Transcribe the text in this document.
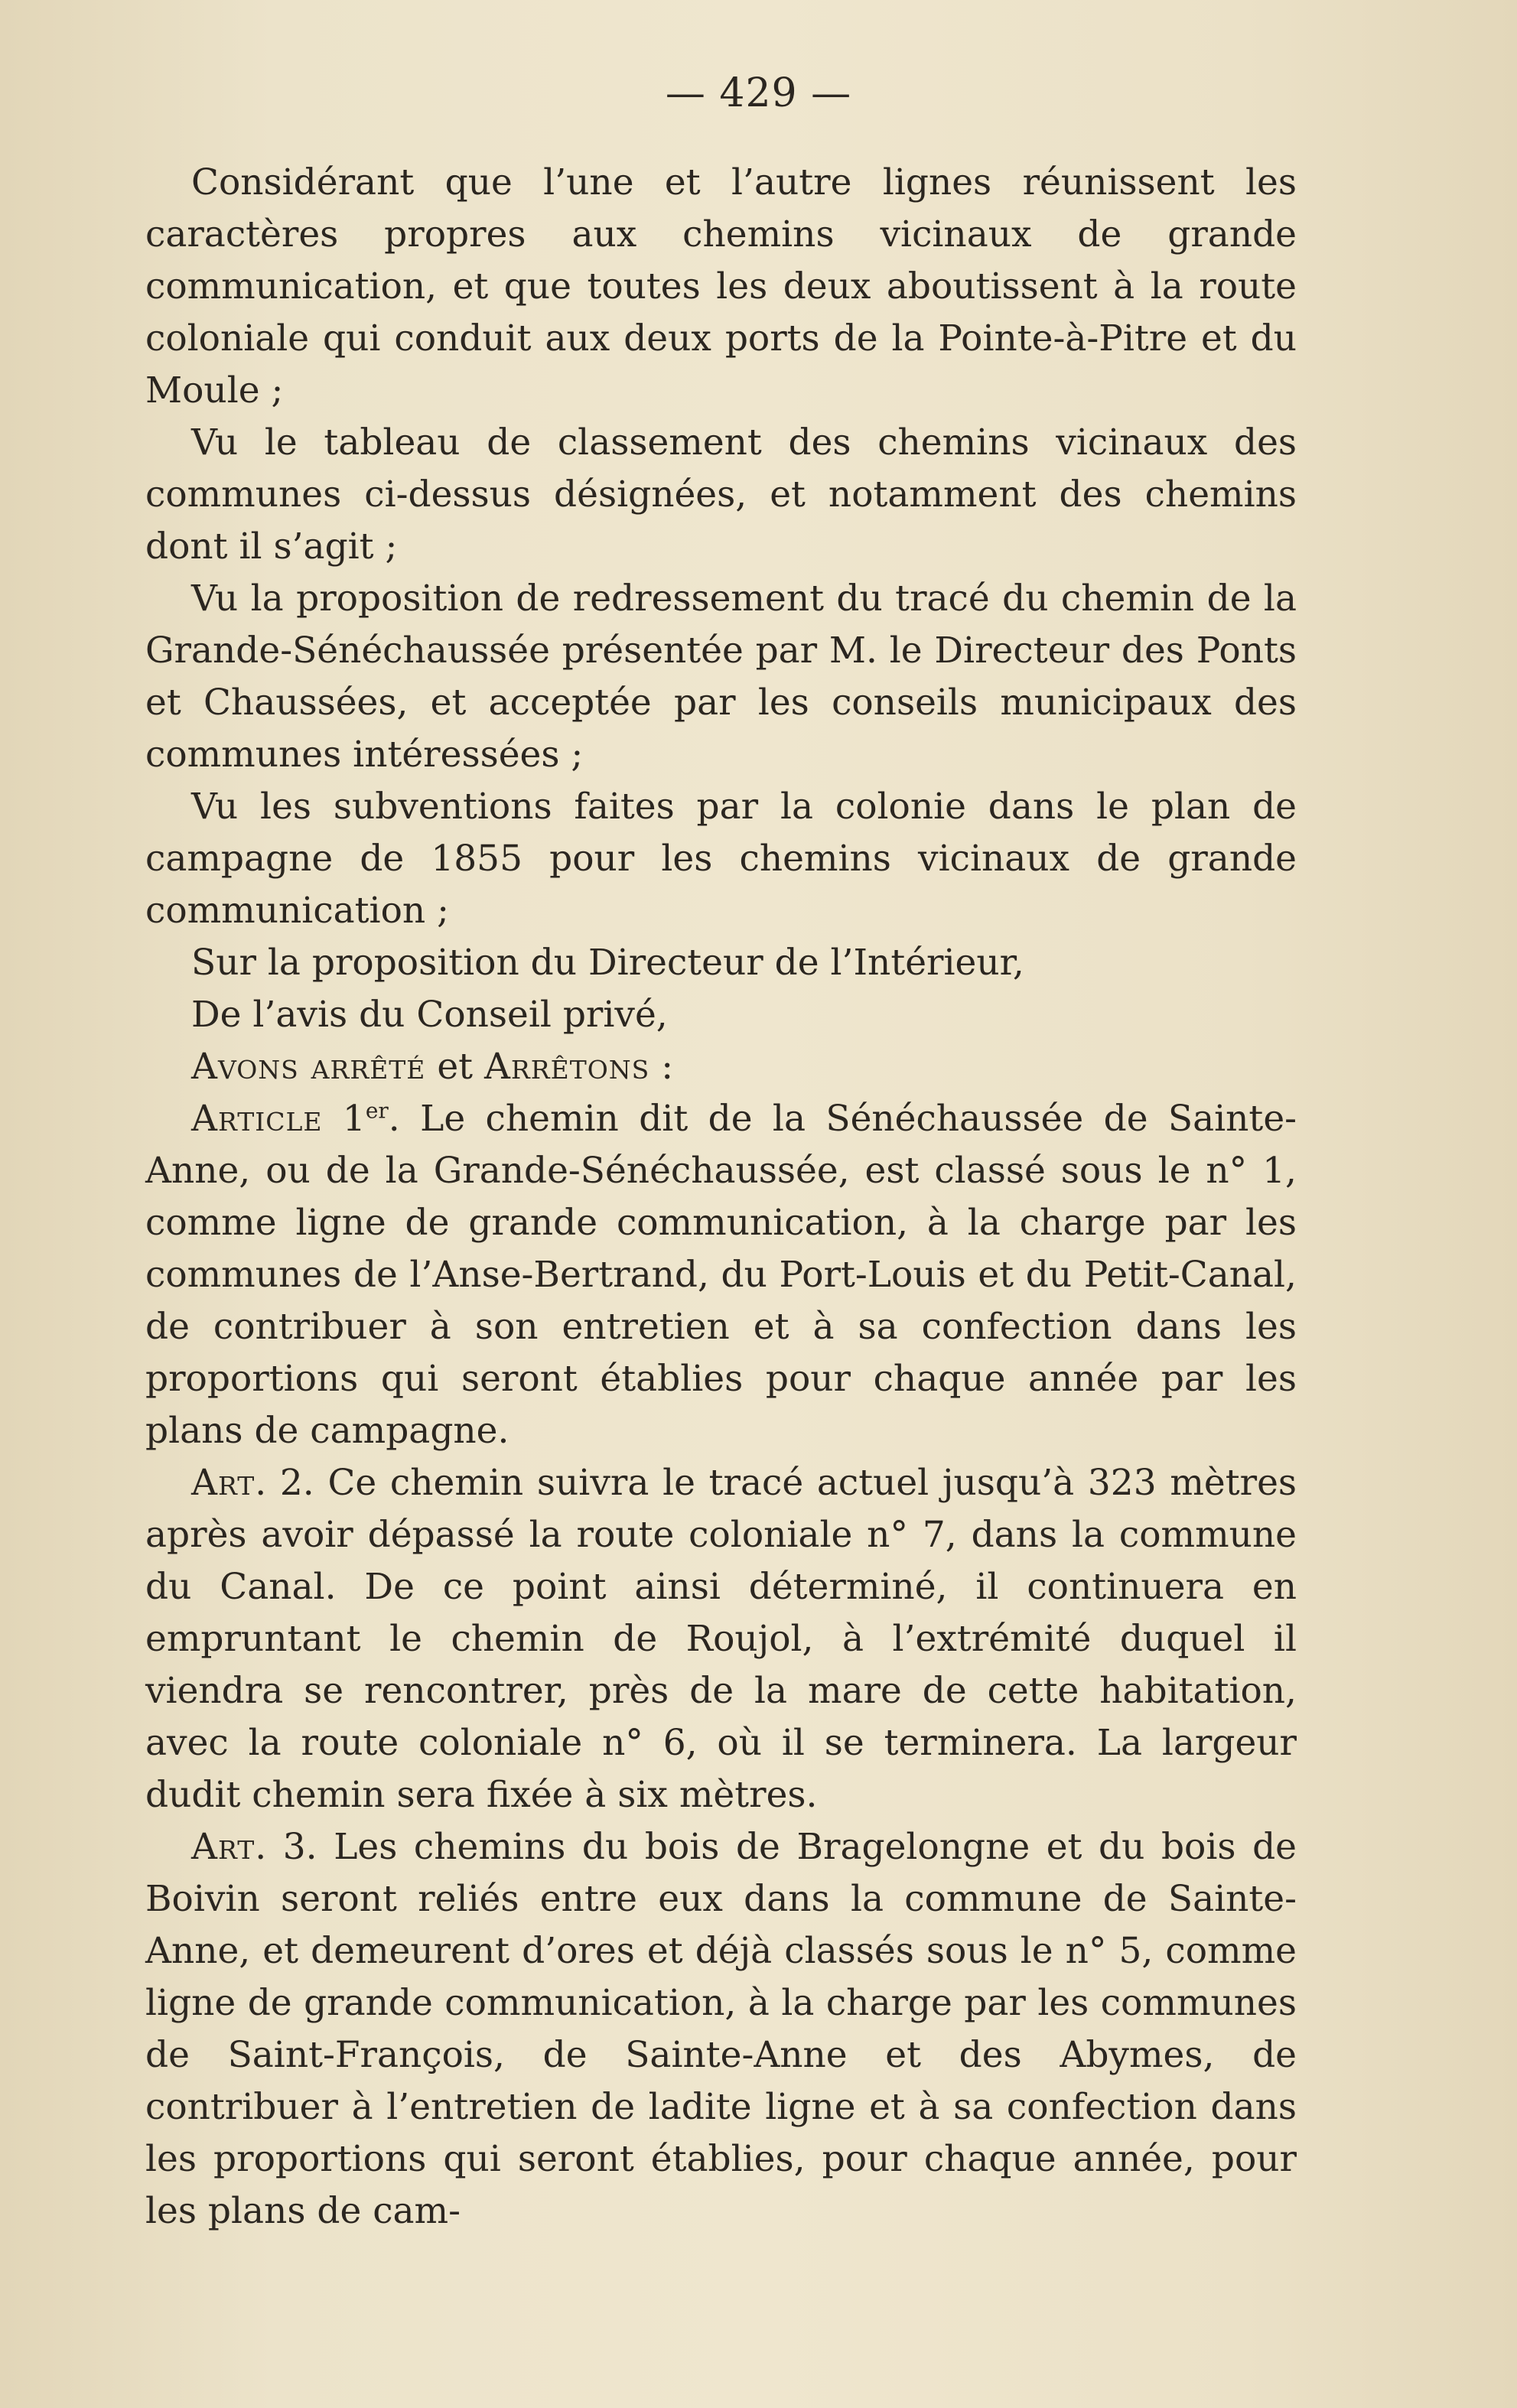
— 429 —

Considérant que l’une et l’autre lignes réunissent les caractères propres aux chemins vicinaux de grande communication, et que toutes les deux aboutissent à la route coloniale qui conduit aux deux ports de la Pointe-à-Pitre et du Moule ;

Vu le tableau de classement des chemins vicinaux des communes ci-dessus désignées, et notamment des chemins dont il s’agit ;

Vu la proposition de redressement du tracé du chemin de la Grande-Sénéchaussée présentée par M. le Directeur des Ponts et Chaussées, et acceptée par les conseils municipaux des communes intéressées ;

Vu les subventions faites par la colonie dans le plan de campagne de 1855 pour les chemins vicinaux de grande communication ;

Sur la proposition du Directeur de l’Intérieur,

De l’avis du Conseil privé,

Avons arrêté et Arrêtons :

Article 1er. Le chemin dit de la Sénéchaussée de Sainte-Anne, ou de la Grande-Sénéchaussée, est classé sous le n° 1, comme ligne de grande communication, à la charge par les communes de l’Anse-Bertrand, du Port-Louis et du Petit-Canal, de contribuer à son entretien et à sa confection dans les proportions qui seront établies pour chaque année par les plans de campagne.

Art. 2. Ce chemin suivra le tracé actuel jusqu’à 323 mètres après avoir dépassé la route coloniale n° 7, dans la commune du Canal. De ce point ainsi déterminé, il continuera en empruntant le chemin de Roujol, à l’extrémité duquel il viendra se rencontrer, près de la mare de cette habitation, avec la route coloniale n° 6, où il se terminera. La largeur dudit chemin sera fixée à six mètres.

Art. 3. Les chemins du bois de Bragelongne et du bois de Boivin seront reliés entre eux dans la commune de Sainte-Anne, et demeurent d’ores et déjà classés sous le n° 5, comme ligne de grande communication, à la charge par les communes de Saint-François, de Sainte-Anne et des Abymes, de contribuer à l’entretien de ladite ligne et à sa confection dans les proportions qui seront établies, pour chaque année, pour les plans de cam-
